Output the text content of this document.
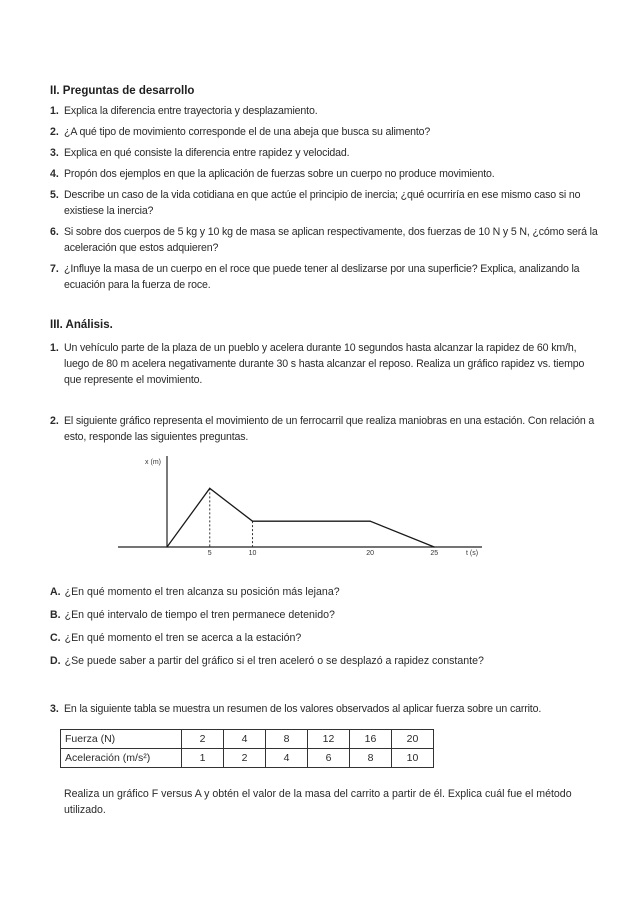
II. Preguntas de desarrollo
1. Explica la diferencia entre trayectoria y desplazamiento.
2. ¿A qué tipo de movimiento corresponde el de una abeja que busca su alimento?
3. Explica en qué consiste la diferencia entre rapidez y velocidad.
4. Propón dos ejemplos en que la aplicación de fuerzas sobre un cuerpo no produce movimiento.
5. Describe un caso de la vida cotidiana en que actúe el principio de inercia; ¿qué ocurriría en ese mismo caso si no existiese la inercia?
6. Si sobre dos cuerpos de 5 kg y 10 kg de masa se aplican respectivamente, dos fuerzas de 10 N y 5 N, ¿cómo será la aceleración que estos adquieren?
7. ¿Influye la masa de un cuerpo en el roce que puede tener al deslizarse por una superficie? Explica, analizando la ecuación para la fuerza de roce.
III. Análisis.
1. Un vehículo parte de la plaza de un pueblo y acelera durante 10 segundos hasta alcanzar la rapidez de 60 km/h, luego de 80 m acelera negativamente durante 30 s hasta alcanzar el reposo. Realiza un gráfico rapidez vs. tiempo que represente el movimiento.
2. El siguiente gráfico representa el movimiento de un ferrocarril que realiza maniobras en una estación. Con relación a esto, responde las siguientes preguntas.
x (m)
t (s)
5	10	20	25
A. ¿En qué momento el tren alcanza su posición más lejana?
B. ¿En qué intervalo de tiempo el tren permanece detenido?
C. ¿En qué momento el tren se acerca a la estación?
D. ¿Se puede saber a partir del gráfico si el tren aceleró o se desplazó a rapidez constante?
3. En la siguiente tabla se muestra un resumen de los valores observados al aplicar fuerza sobre un carrito.
Fuerza (N)	2	4	8	12	16	20
Aceleración (m/s²)	1	2	4	6	8	10
Realiza un gráfico F versus A y obtén el valor de la masa del carrito a partir de él. Explica cuál fue el método utilizado.
